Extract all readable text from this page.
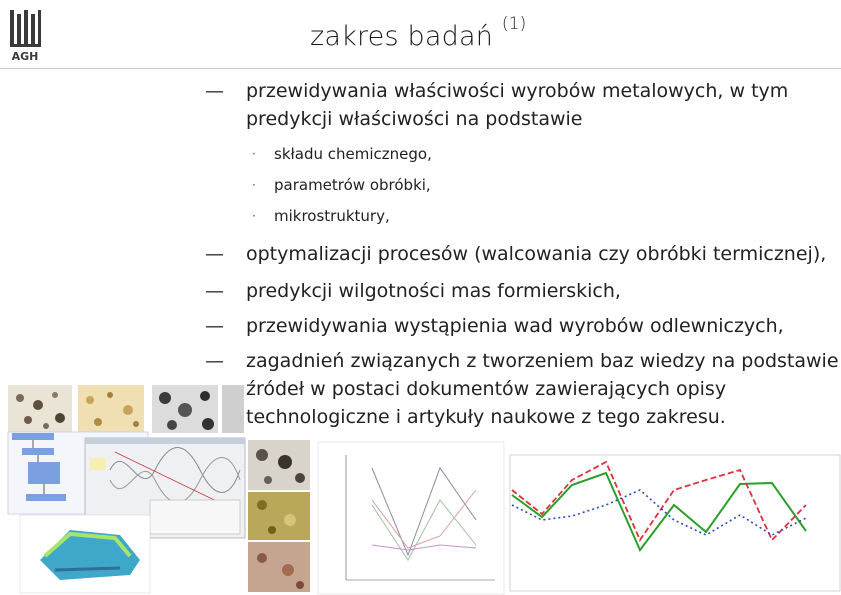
AGH
zakres badań $^{(1)}$
— przewidywania właściwości wyrobów metalowych, w tym
predykcji właściwości na podstawie
· składu chemicznego,
· parametrów obróbki,
· mikrostruktury,
— optymalizacji procesów (walcowania czy obróbki termicznej),
— predykcji wilgotności mas formierskich,
— przewidywania wystąpienia wad wyrobów odlewniczych,
— zagadnień związanych z tworzeniem baz wiedzy na podstawie
źródeł w postaci dokumentów zawierających opisy
technologiczne i artykuły naukowe z tego zakresu.
